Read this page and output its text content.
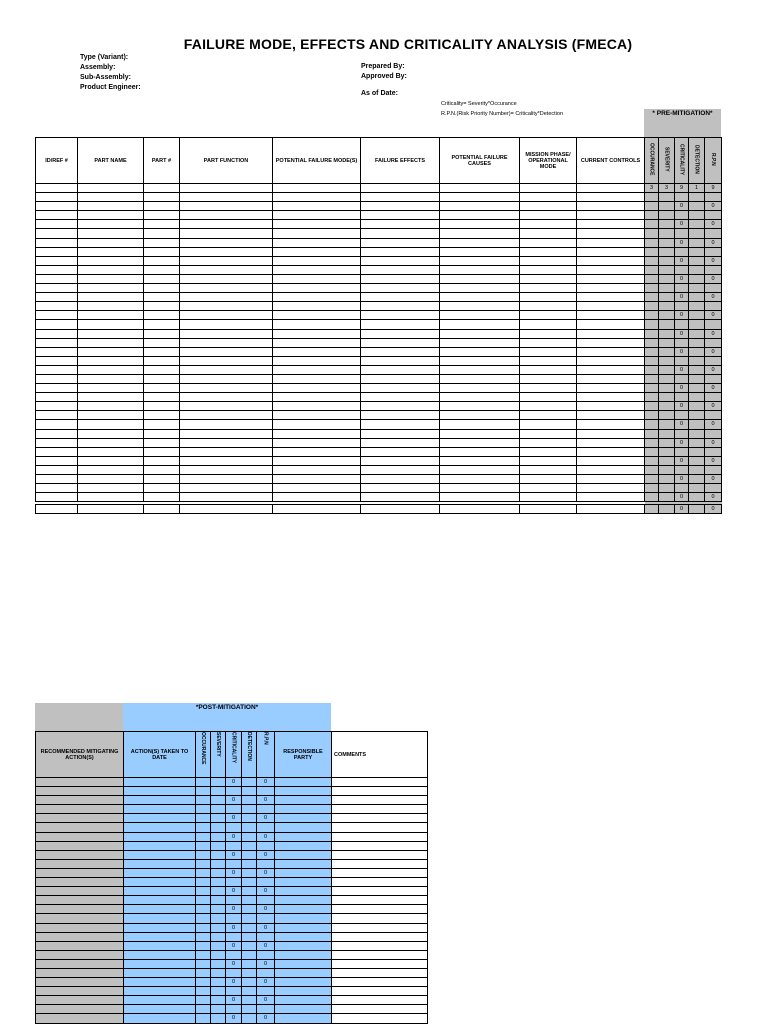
FAILURE MODE, EFFECTS AND CRITICALITY ANALYSIS (FMECA)
Type (Variant):
Assembly:
Sub-Assembly:
Product Engineer:
Prepared By:
Approved By:
As of Date:
Criticality= Severity*Occurance
R.P.N.(Risk Priority Number)= Criticality*Detection	* PRE-MITIGATION*
ID/REF #	PART NAME	PART #	PART FUNCTION	POTENTIAL FAILURE MODE(S)	FAILURE EFFECTS	POTENTIAL FAILURE CAUSES	MISSION PHASE/ OPERATIONAL MODE	CURRENT CONTROLS	OCCURANCE	SEVERITY	CRITICALITY	DETECTION	R.P.N
									3	3	9	1	9

											0		0

											0		0

											0		0

											0		0

											0		0

											0		0

											0		0

											0		0

											0		0

											0		0

											0		0

											0		0

											0		0

											0		0

											0		0

											0		0

											0		0

											0		0
*POST-MITIGATION*
RECOMMENDED MITIGATING ACTION(S)	ACTION(S) TAKEN TO DATE	OCCURANCE	SEVERITY	CRITICALITY	DETECTION	R.P.N	RESPONSIBLE PARTY	COMMENTS
				0		0		

				0		0		

				0		0		

				0		0		

				0		0		

				0		0		

				0		0		

				0		0		

				0		0		

				0		0		

				0		0		

				0		0		

				0		0		

				0		0		
